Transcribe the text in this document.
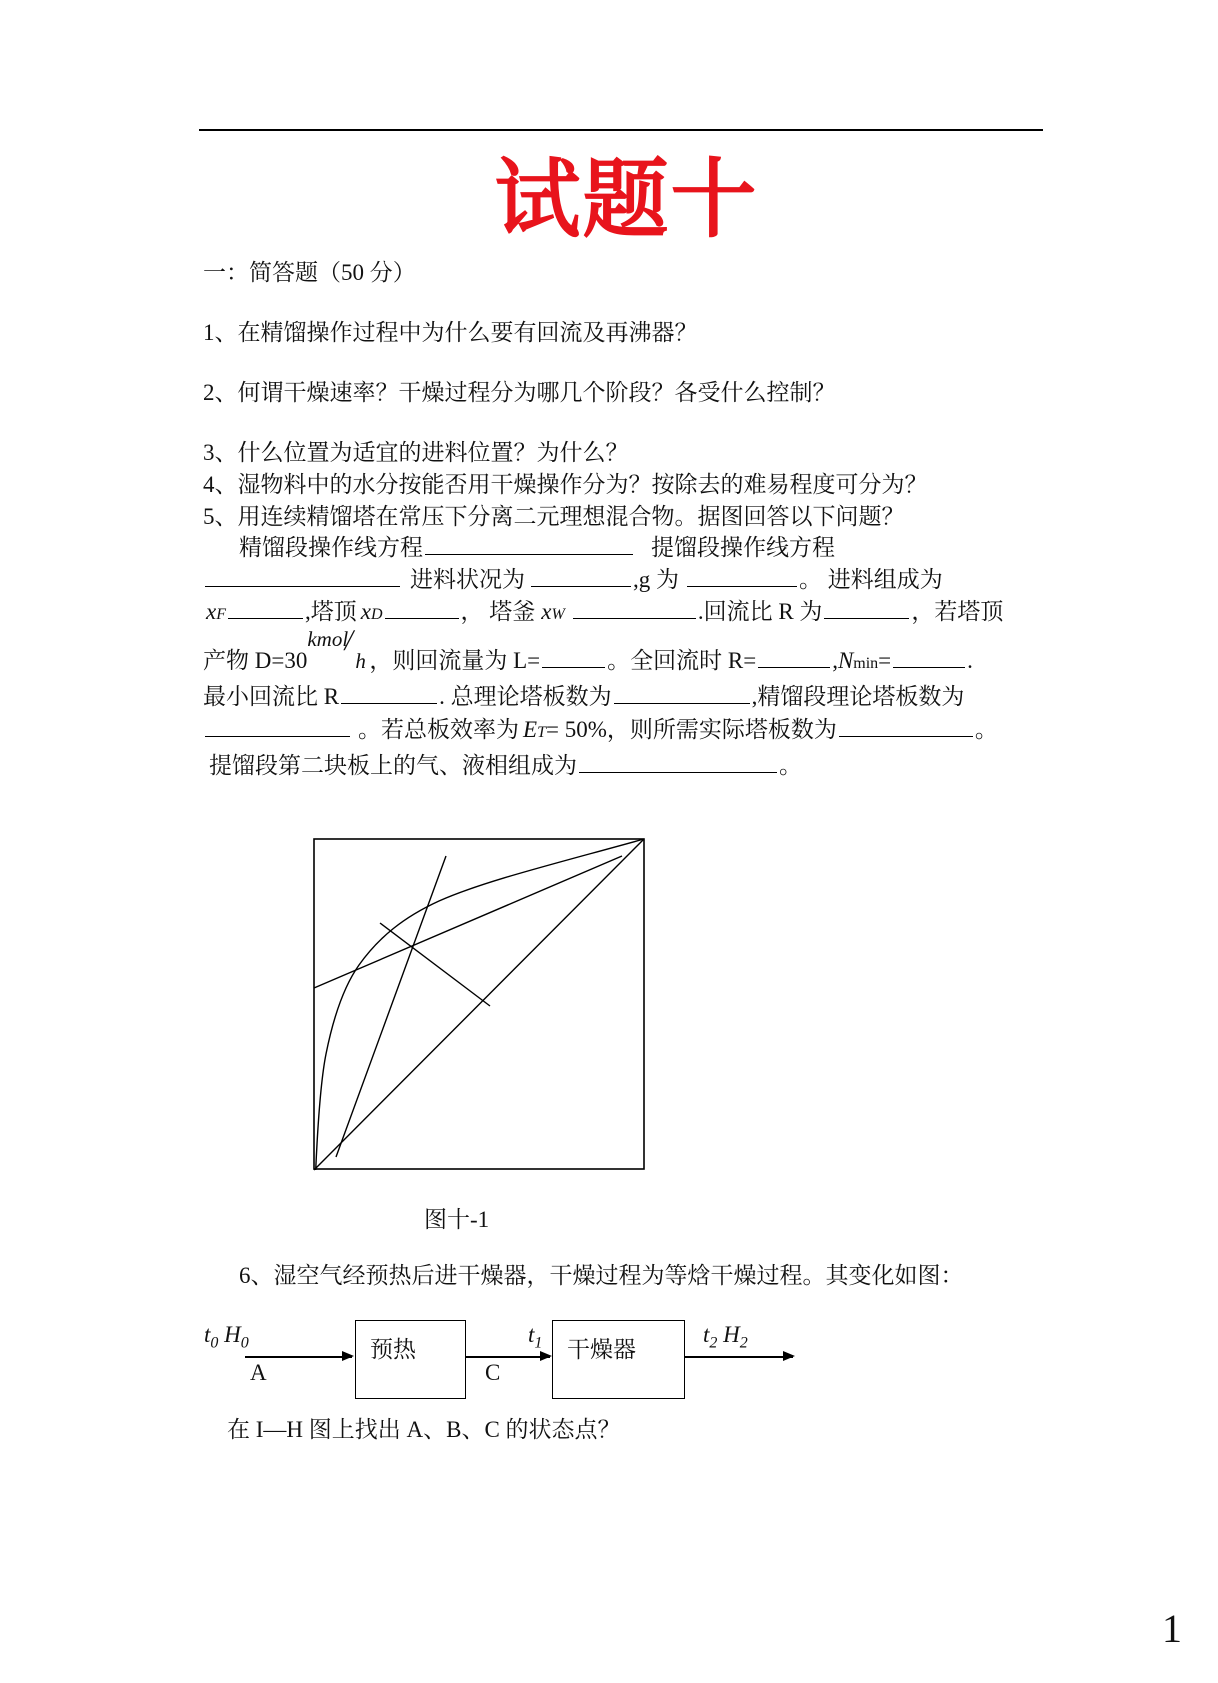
试题十
一：简答题（50 分）
1、在精馏操作过程中为什么要有回流及再沸器？
2、何谓干燥速率？干燥过程分为哪几个阶段？各受什么控制？
3、什么位置为适宜的进料位置？为什么？
4、湿物料中的水分按能否用干燥操作分为？按除去的难易程度可分为？
5、用连续精馏塔在常压下分离二元理想混合物。据图回答以下问题？
精馏段操作线方程	提馏段操作线方程
进料状况为	,g 为	。 进料组成为
x F	,塔顶 x D	， 塔釜 x W	.回流比 R 为	，若塔顶
产物 D=30
kmol
/
h ，则回流量为 L=	。全回流时 R=	, N min =	.
最小回流比 R	. 总理论塔板数为	,精馏段理论塔板数为
。若总板效率为 E T = 50%，则所需实际塔板数为	。
提馏段第二块板上的气、液相组成为	。
图十-1
6、湿空气经预热后进干燥器，干燥过程为等焓干燥过程。其变化如图：
$t_0$ $H_0$
A
预热
C
$t_1$ 干燥器
$t_2$ $H_2$
在 I—H 图上找出 A、B、C 的状态点？
1
